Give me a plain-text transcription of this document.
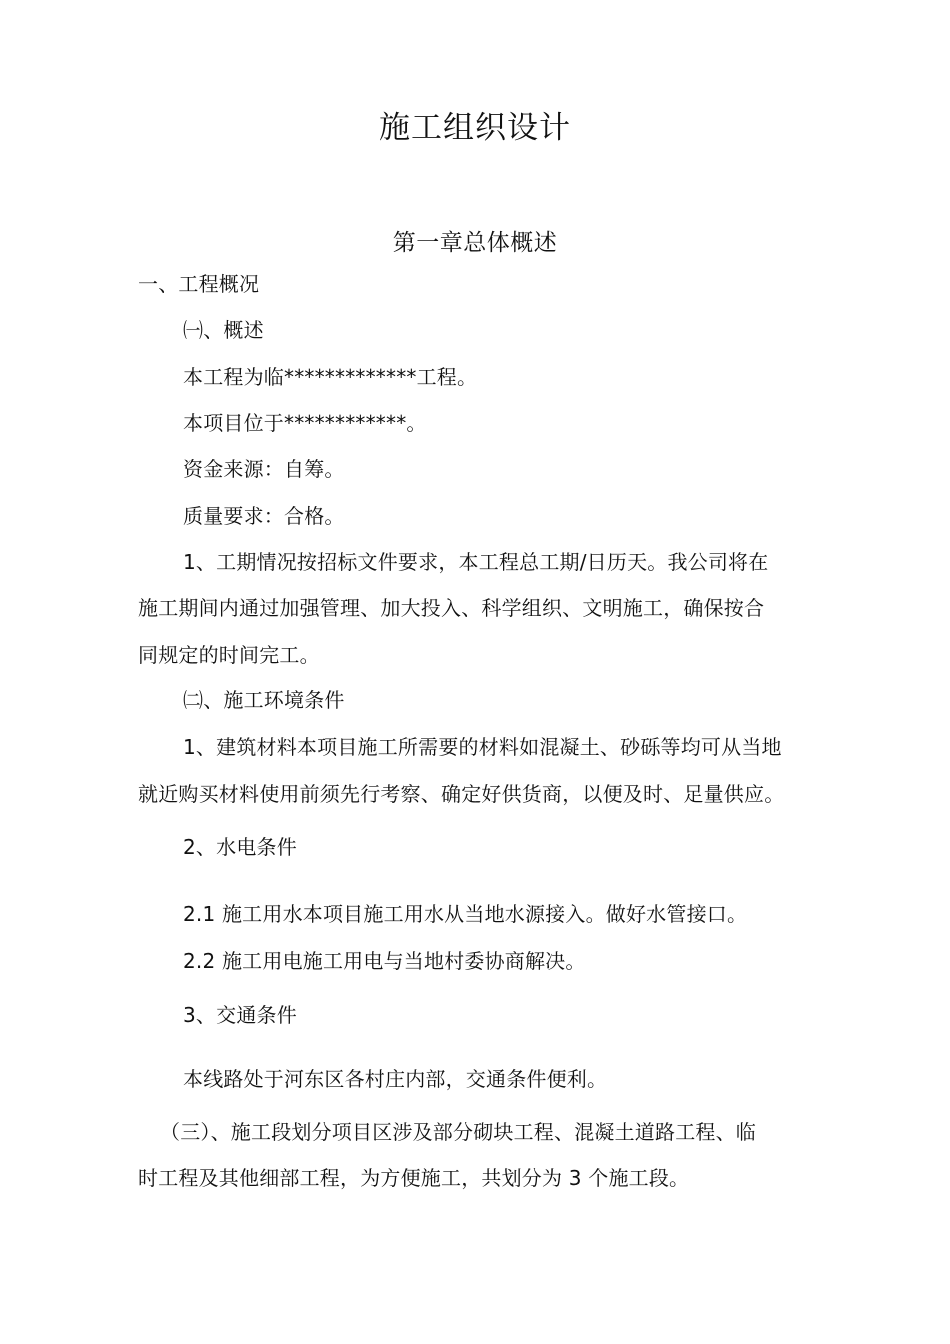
施工组织设计
第一章总体概述
一、工程概况
㈠、概述
本工程为临*************工程。
本项目位于************。
资金来源：自筹。
质量要求：合格。
1、工期情况按招标文件要求，本工程总工期/日历天。我公司将在
施工期间内通过加强管理、加大投入、科学组织、文明施工，确保按合
同规定的时间完工。
㈡、施工环境条件
1、建筑材料本项目施工所需要的材料如混凝土、砂砾等均可从当地
就近购买材料使用前须先行考察、确定好供货商，以便及时、足量供应。
2、水电条件
2.1 施工用水本项目施工用水从当地水源接入。做好水管接口。
2.2 施工用电施工用电与当地村委协商解决。
3、交通条件
本线路处于河东区各村庄内部，交通条件便利。
（三）、施工段划分项目区涉及部分砌块工程、混凝土道路工程、临
时工程及其他细部工程，为方便施工，共划分为 3 个施工段。
